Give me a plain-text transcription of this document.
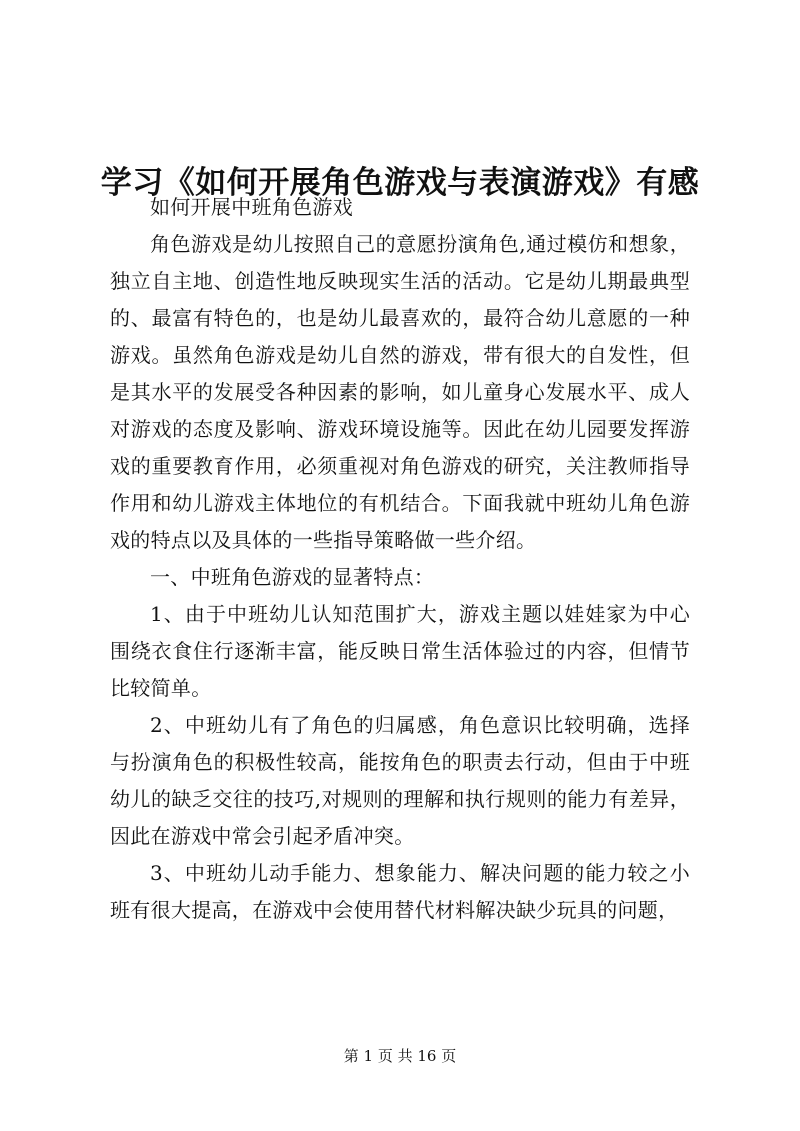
学习《如何开展角色游戏与表演游戏》有感

如何开展中班角色游戏

角色游戏是幼儿按照自己的意愿扮演角色,通过模仿和想象，独立自主地、创造性地反映现实生活的活动。它是幼儿期最典型的、最富有特色的，也是幼儿最喜欢的，最符合幼儿意愿的一种游戏。虽然角色游戏是幼儿自然的游戏，带有很大的自发性，但是其水平的发展受各种因素的影响，如儿童身心发展水平、成人对游戏的态度及影响、游戏环境设施等。因此在幼儿园要发挥游戏的重要教育作用，必须重视对角色游戏的研究，关注教师指导作用和幼儿游戏主体地位的有机结合。下面我就中班幼儿角色游戏的特点以及具体的一些指导策略做一些介绍。

一、中班角色游戏的显著特点：

1、由于中班幼儿认知范围扩大，游戏主题以娃娃家为中心围绕衣食住行逐渐丰富，能反映日常生活体验过的内容，但情节比较简单。

2、中班幼儿有了角色的归属感，角色意识比较明确，选择与扮演角色的积极性较高，能按角色的职责去行动，但由于中班幼儿的缺乏交往的技巧,对规则的理解和执行规则的能力有差异，因此在游戏中常会引起矛盾冲突。

3、中班幼儿动手能力、想象能力、解决问题的能力较之小班有很大提高，在游戏中会使用替代材料解决缺少玩具的问题，

第 1 页 共 16 页
